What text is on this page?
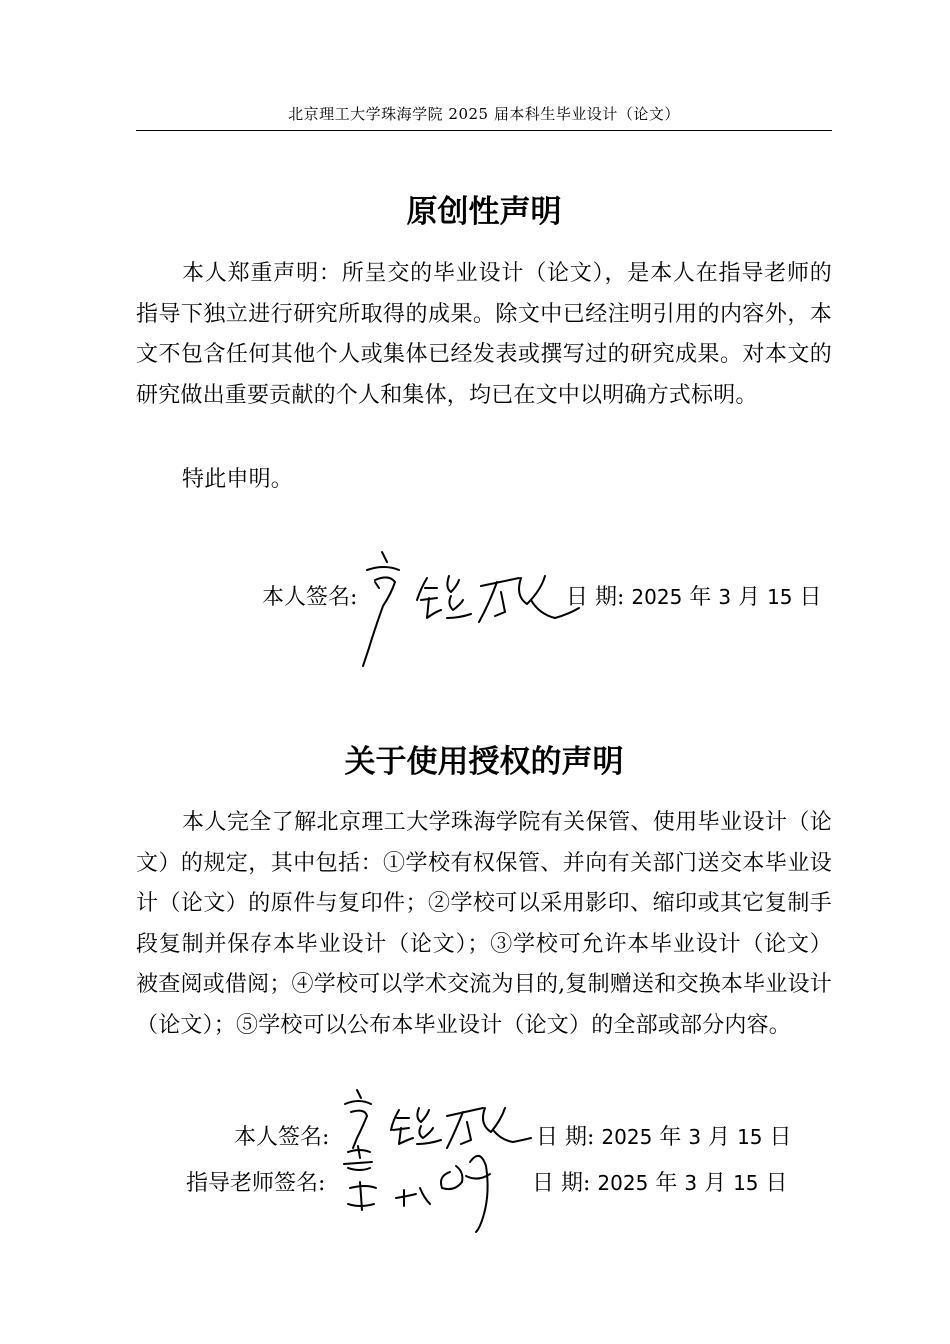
北京理工大学珠海学院 2025 届本科生毕业设计（论文）
原创性声明

本人郑重声明：所呈交的毕业设计（论文），是本人在指导老师的指导下独立进行研究所取得的成果。除文中已经注明引用的内容外，本文不包含任何其他个人或集体已经发表或撰写过的研究成果。对本文的研究做出重要贡献的个人和集体，均已在文中以明确方式标明。

特此申明。

本人签名:	日 期: 2025 年 3 月 15 日
关于使用授权的声明

本人完全了解北京理工大学珠海学院有关保管、使用毕业设计（论文）的规定，其中包括：①学校有权保管、并向有关部门送交本毕业设计（论文）的原件与复印件；②学校可以采用影印、缩印或其它复制手段复制并保存本毕业设计（论文）；③学校可允许本毕业设计（论文）被查阅或借阅；④学校可以学术交流为目的,复制赠送和交换本毕业设计（论文）；⑤学校可以公布本毕业设计（论文）的全部或部分内容。

本人签名:	日 期: 2025 年 3 月 15 日
指导老师签名:	日 期: 2025 年 3 月 15 日
